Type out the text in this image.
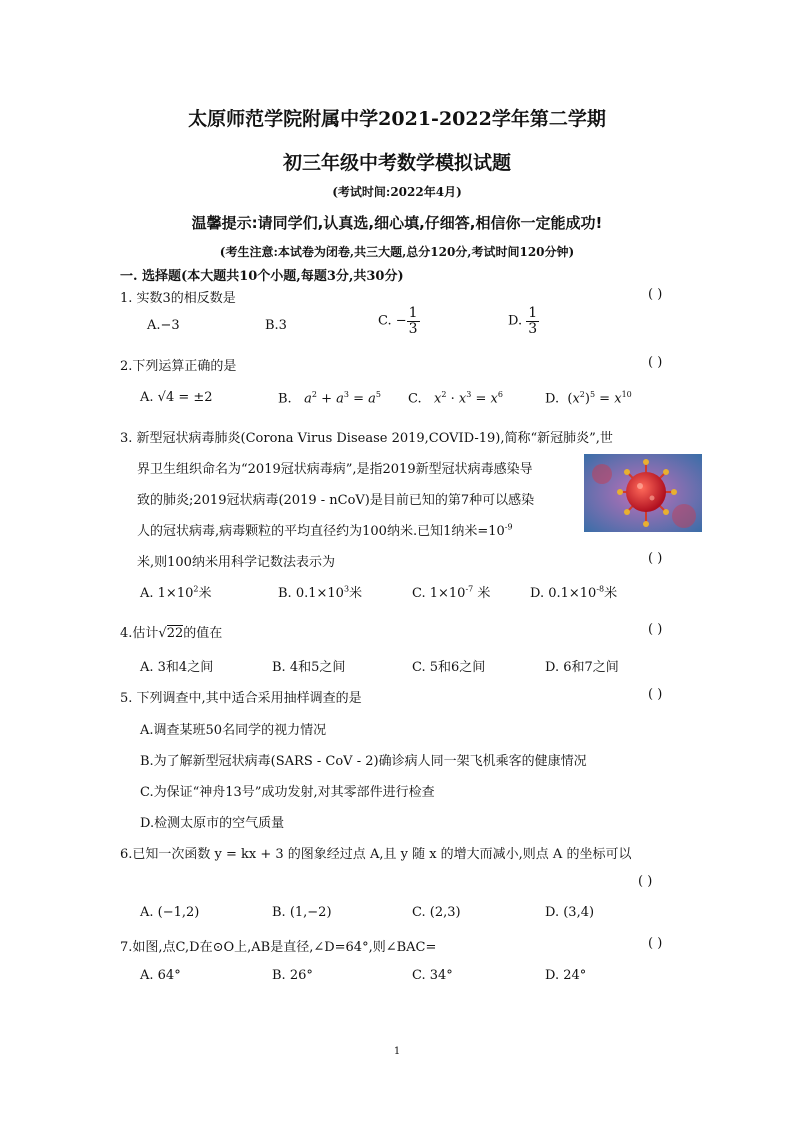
太原师范学院附属中学2021-2022学年第二学期
初三年级中考数学模拟试题
(考试时间:2022年4月)
温馨提示:请同学们,认真选,细心填,仔细答,相信你一定能成功!
(考生注意:本试卷为闭卷,共三大题,总分120分,考试时间120分钟)
一. 选择题(本大题共10个小题,每题3分,共30分)
1. 实数3的相反数是	( )
A.−3	B.3	C. − $\frac{1}{3}$	D. $\frac{1}{3}$
2.下列运算正确的是	( )
A. √4 = ±2	B.   $a^2 + a^3 = a^5$ C.   $x^2 \cdot x^3 = x^6$	D.  $(x^2)^5 = x^{10}$
3. 新型冠状病毒肺炎(Corona Virus Disease 2019,COVID-19),简称“新冠肺炎”,世
界卫生组织命名为“2019冠状病毒病”,是指2019新型冠状病毒感染导
致的肺炎;2019冠状病毒(2019 - nCoV)是目前已知的第7种可以感染
人的冠状病毒,病毒颗粒的平均直径约为100纳米.已知1纳米$=10^{-9}$
米,则100纳米用科学记数法表示为	( )
A. $1\times 10^2$米	B. $0.1\times 10^3$米	C. $1\times 10^{-7}$ 米	D. $0.1\times 10^{-8}$米
4.估计√22的值在	( )
A. 3和4之间	B. 4和5之间	C. 5和6之间	D. 6和7之间
5. 下列调查中,其中适合采用抽样调查的是	( )
A.调查某班50名同学的视力情况
B.为了解新型冠状病毒(SARS - CoV - 2)确诊病人同一架飞机乘客的健康情况
C.为保证“神舟13号”成功发射,对其零部件进行检查
D.检测太原市的空气质量
6.已知一次函数 y = kx + 3 的图象经过点 A,且 y 随 x 的增大而减小,则点 A 的坐标可以
( )
A. (−1,2)	B. (1,−2)	C. (2,3)	D. (3,4)
7.如图,点C,D在⊙O上,AB是直径,∠D=64°,则∠BAC=	( )
A. 64°	B. 26°	C. 34°	D. 24°
1
